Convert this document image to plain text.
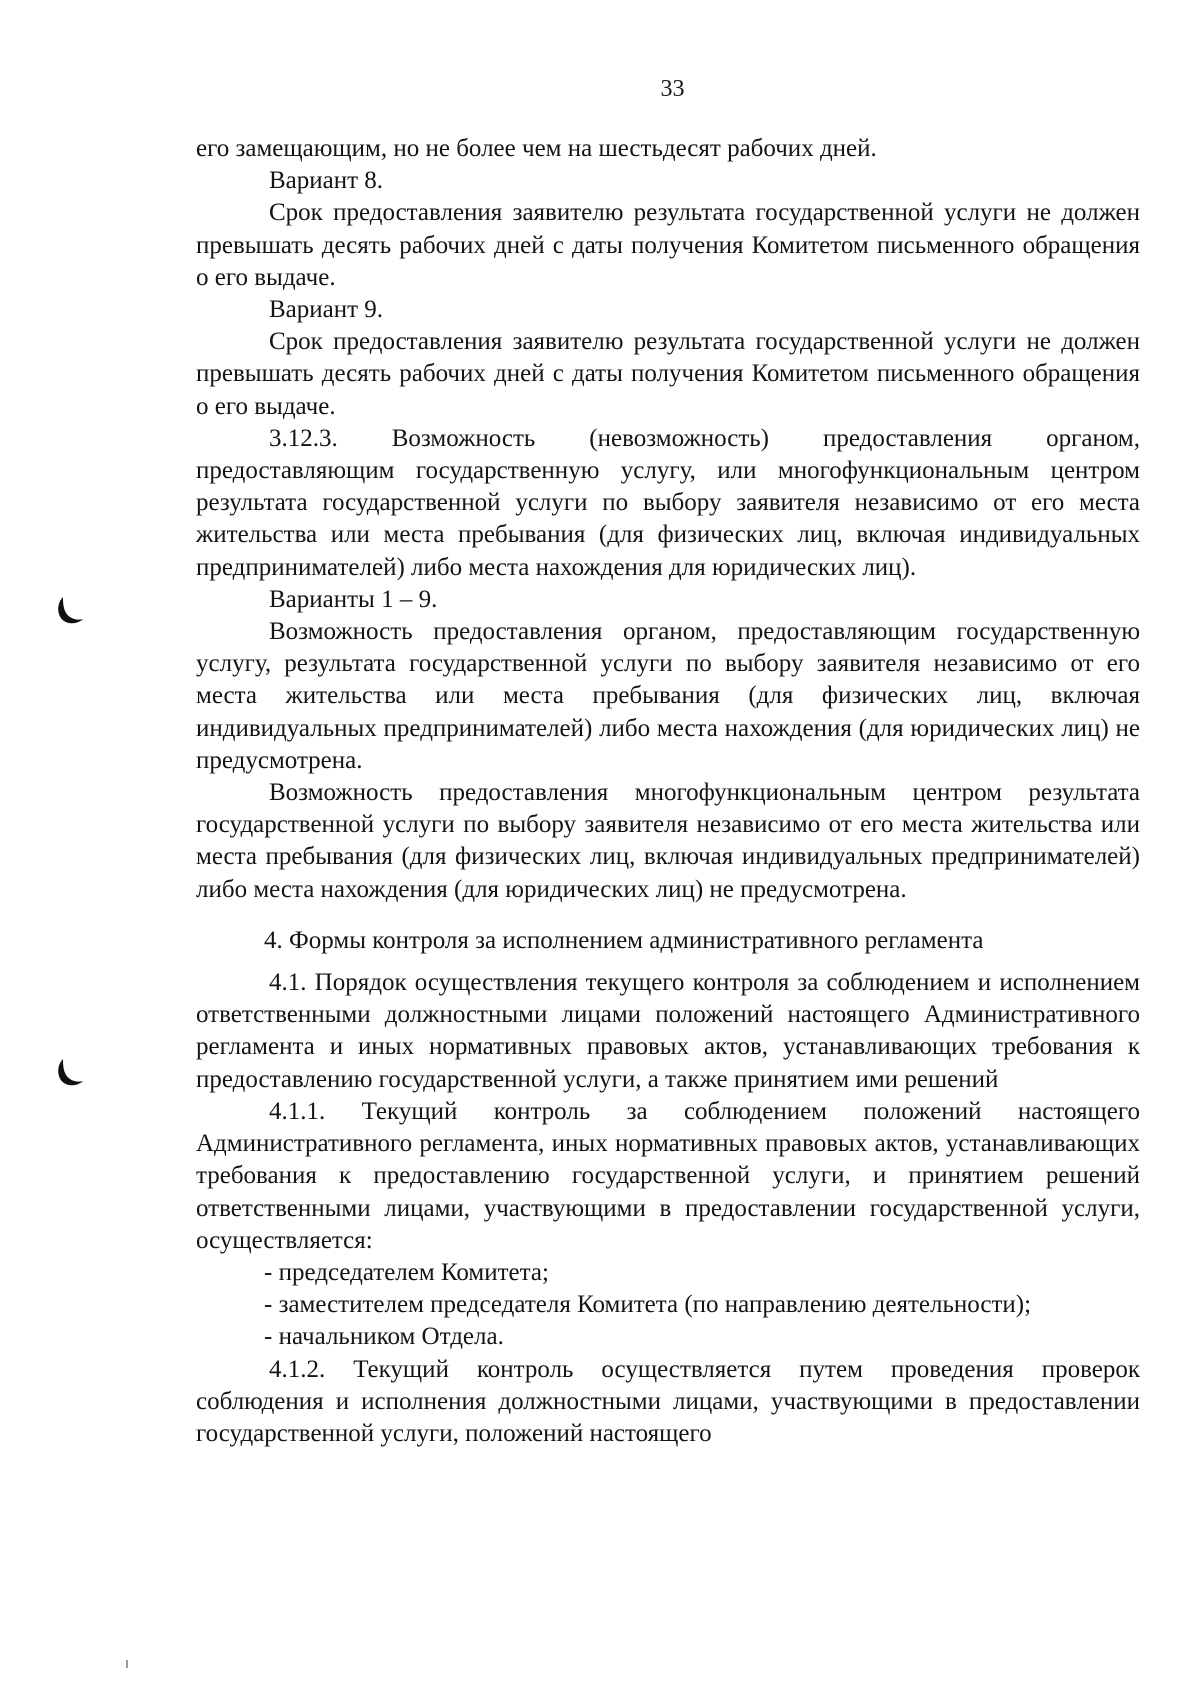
33

его замещающим, но не более чем на шестьдесят рабочих дней.

Вариант 8.

Срок предоставления заявителю результата государственной услуги не должен превышать десять рабочих дней с даты получения Комитетом письменного обращения о его выдаче.

Вариант 9.

Срок предоставления заявителю результата государственной услуги не должен превышать десять рабочих дней с даты получения Комитетом письменного обращения о его выдаче.

3.12.3. Возможность (невозможность) предоставления органом, предоставляющим государственную услугу, или многофункциональным центром результата государственной услуги по выбору заявителя независимо от его места жительства или места пребывания (для физических лиц, включая индивидуальных предпринимателей) либо места нахождения для юридических лиц).

Варианты 1 – 9.

Возможность предоставления органом, предоставляющим государственную услугу, результата государственной услуги по выбору заявителя независимо от его места жительства или места пребывания (для физических лиц, включая индивидуальных предпринимателей) либо места нахождения (для юридических лиц) не предусмотрена.

Возможность предоставления многофункциональным центром результата государственной услуги по выбору заявителя независимо от его места жительства или места пребывания (для физических лиц, включая индивидуальных предпринимателей) либо места нахождения (для юридических лиц) не предусмотрена.

4. Формы контроля за исполнением административного регламента

4.1. Порядок осуществления текущего контроля за соблюдением и исполнением ответственными должностными лицами положений настоящего Административного регламента и иных нормативных правовых актов, устанавливающих требования к предоставлению государственной услуги, а также принятием ими решений

4.1.1. Текущий контроль за соблюдением положений настоящего Административного регламента, иных нормативных правовых актов, устанавливающих требования к предоставлению государственной услуги, и принятием решений ответственными лицами, участвующими в предоставлении государственной услуги, осуществляется:

- председателем Комитета;

- заместителем председателя Комитета (по направлению деятельности);

- начальником Отдела.

4.1.2. Текущий контроль осуществляется путем проведения проверок соблюдения и исполнения должностными лицами, участвующими в предоставлении государственной услуги, положений настоящего
